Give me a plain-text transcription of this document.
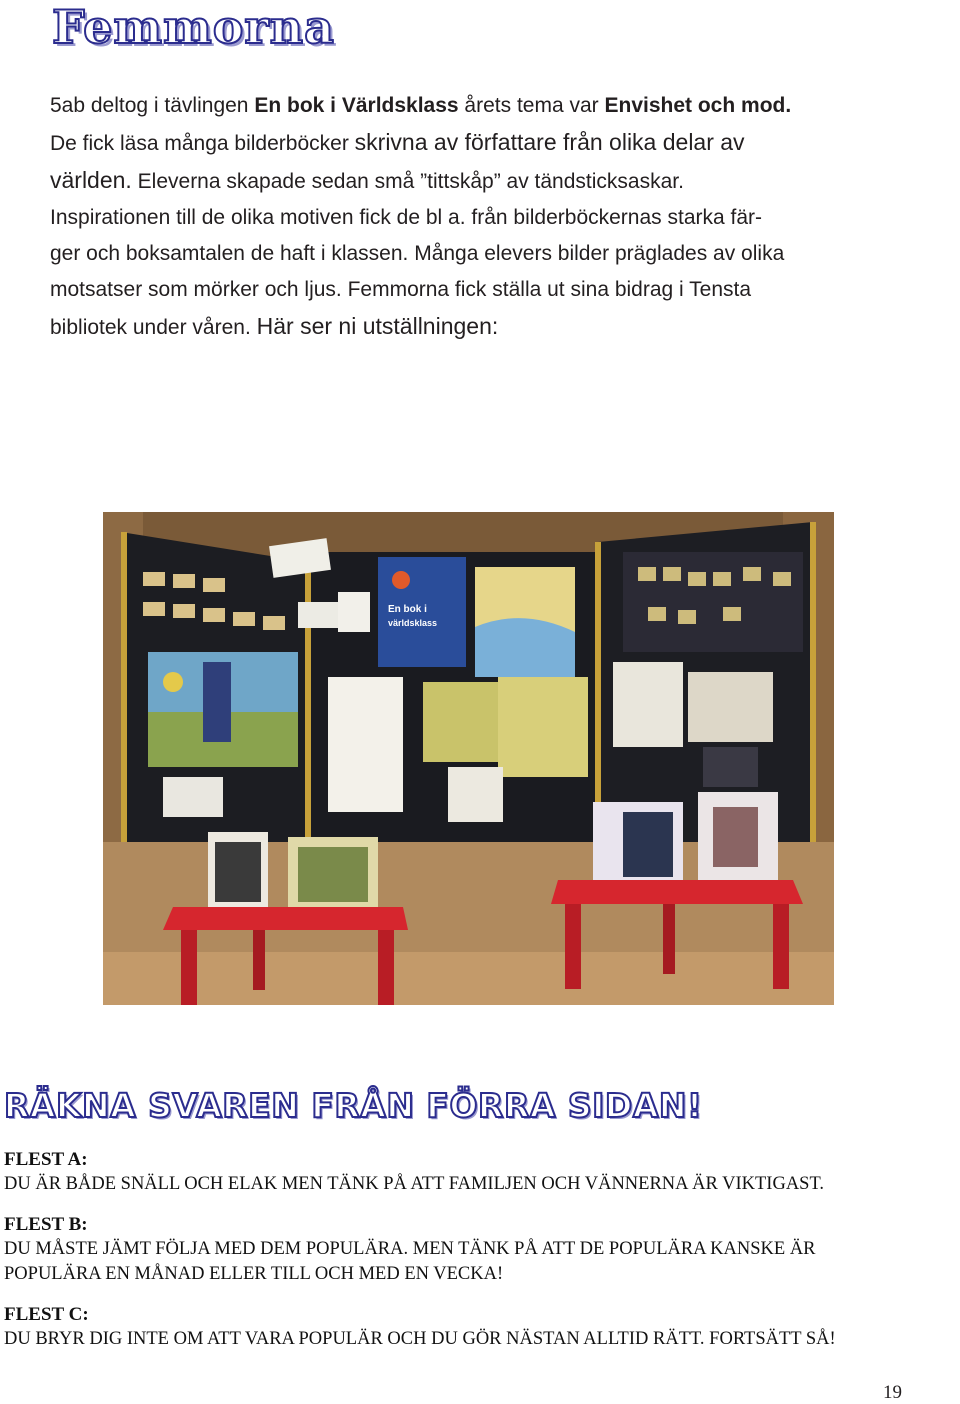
Femmorna
5ab deltog i tävlingen En bok i Världsklass årets tema var Envishet och mod.
De fick läsa många bilderböcker skrivna av författare från olika delar av
världen. Eleverna skapade sedan små ”tittskåp” av tändsticksaskar.
Inspirationen till de olika motiven fick de bl a. från bilderböckernas starka fär-
ger och boksamtalen de haft i klassen. Många elevers bilder präglades av olika
motsatser som mörker och ljus. Femmorna fick ställa ut sina bidrag i Tensta
bibliotek under våren. Här ser ni utställningen:
En bok i
världsklass
RÄKNA SVAREN FRÅN FÖRRA SIDAN!
FLEST A:
DU ÄR BÅDE SNÄLL OCH ELAK MEN TÄNK PÅ ATT FAMILJEN OCH VÄNNERNA ÄR VIKTIGAST.
FLEST B:
DU MÅSTE JÄMT FÖLJA MED DEM POPULÄRA. MEN TÄNK PÅ ATT DE POPULÄRA KANSKE ÄR
POPULÄRA EN MÅNAD ELLER TILL OCH MED EN VECKA!
FLEST C:
DU BRYR DIG INTE OM ATT VARA POPULÄR OCH DU GÖR NÄSTAN ALLTID RÄTT. FORTSÄTT SÅ!
19
